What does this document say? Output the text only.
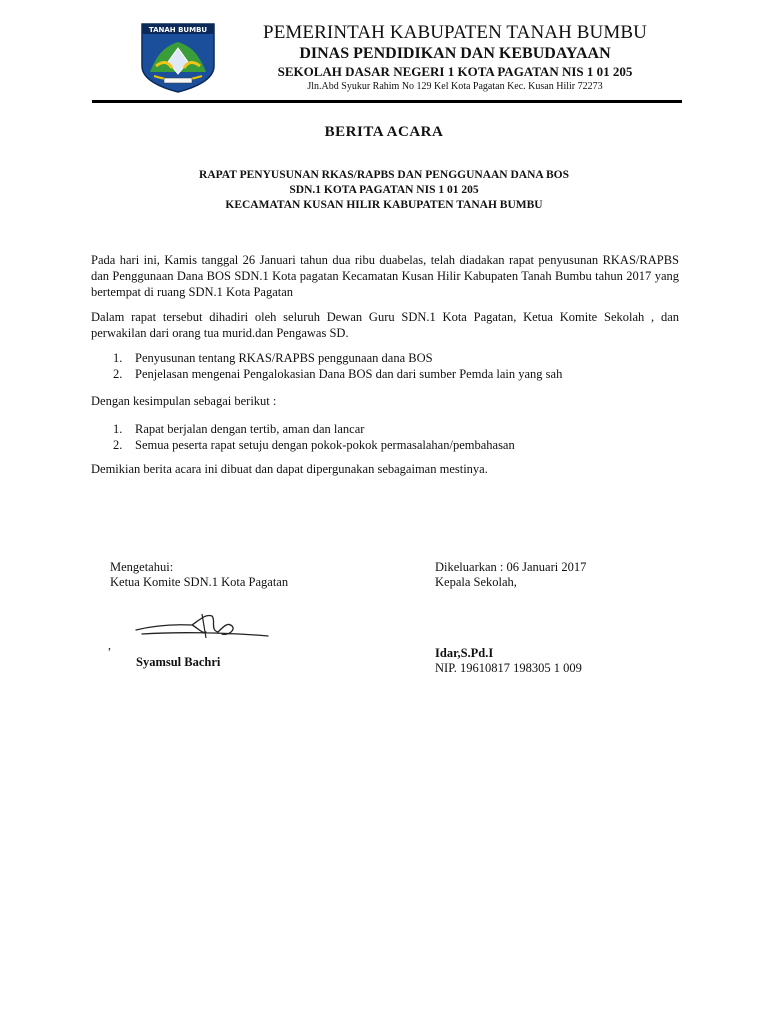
TANAH BUMBU	PEMERINTAH KABUPATEN TANAH BUMBU
DINAS PENDIDIKAN DAN KEBUDAYAAN
SEKOLAH DASAR NEGERI 1 KOTA PAGATAN NIS 1 01 205
Jln.Abd Syukur Rahim No 129 Kel Kota Pagatan Kec. Kusan Hilir 72273
BERITA ACARA
RAPAT PENYUSUNAN RKAS/RAPBS DAN PENGGUNAAN DANA BOS
SDN.1 KOTA PAGATAN NIS 1 01 205
KECAMATAN KUSAN HILIR KABUPATEN TANAH BUMBU
Pada hari ini, Kamis tanggal 26 Januari tahun dua ribu duabelas, telah diadakan rapat penyusunan RKAS/RAPBS dan Penggunaan Dana BOS SDN.1 Kota pagatan Kecamatan Kusan Hilir Kabupaten Tanah Bumbu tahun 2017 yang bertempat di ruang SDN.1 Kota Pagatan
Dalam rapat tersebut dihadiri oleh seluruh Dewan Guru SDN.1 Kota Pagatan, Ketua Komite Sekolah , dan perwakilan dari orang tua murid.dan Pengawas SD.
1. Penyusunan tentang RKAS/RAPBS penggunaan dana BOS
2. Penjelasan mengenai Pengalokasian Dana BOS dan dari sumber Pemda lain yang sah
Dengan kesimpulan sebagai berikut :
1. Rapat berjalan dengan tertib, aman dan lancar
2. Semua peserta rapat setuju dengan pokok-pokok permasalahan/pembahasan
Demikian berita acara ini dibuat dan dapat dipergunakan sebagaiman mestinya.
Mengetahui:
Ketua Komite SDN.1 Kota Pagatan
,
Syamsul Bachri
Dikeluarkan : 06 Januari 2017
Kepala Sekolah,
Idar,S.Pd.I
NIP. 19610817 198305 1 009
